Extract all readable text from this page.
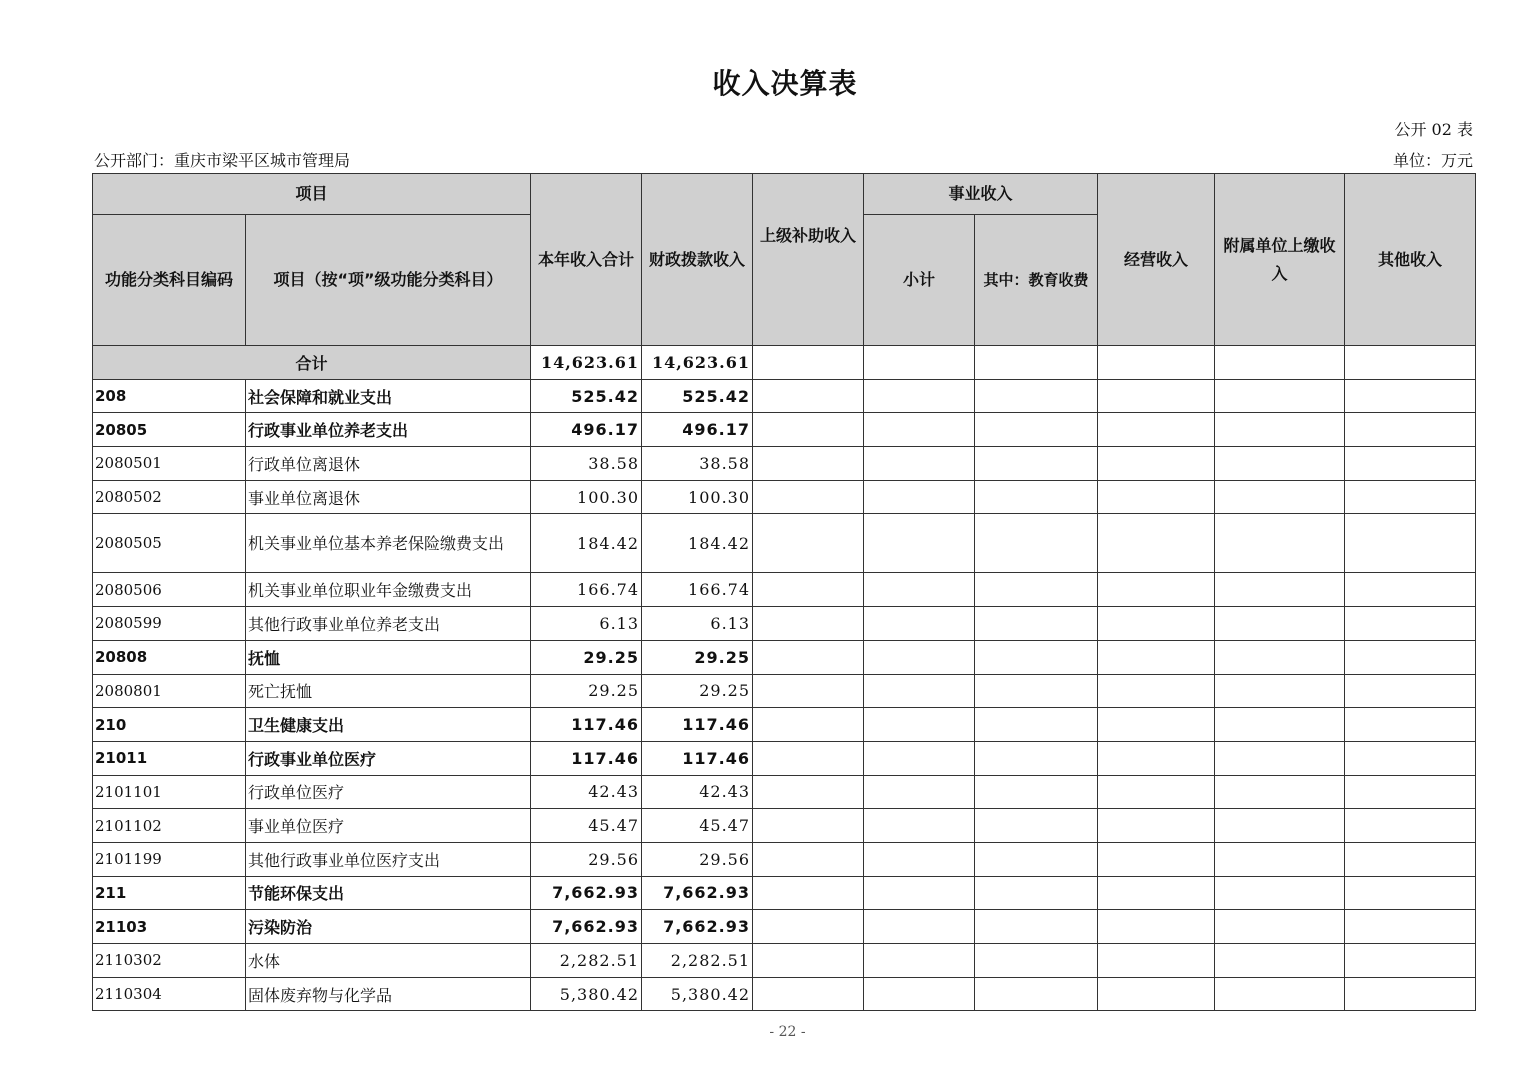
收入决算表
公开 02 表
公开部门：重庆市梁平区城市管理局	单位：万元
项目		本年收入合计	财政拨款收入	上级补助收入	事业收入		经营收入	附属单位上缴收入	其他收入
功能分类科目编码	项目（按“项”级功能分类科目）				小计	其中：教育收费			
合计		14,623.61	14,623.61						
208	社会保障和就业支出	525.42	525.42						
20805	行政事业单位养老支出	496.17	496.17						
2080501	行政单位离退休	38.58	38.58						
2080502	事业单位离退休	100.30	100.30						
2080505	机关事业单位基本养老保险缴费支出	184.42	184.42						
2080506	机关事业单位职业年金缴费支出	166.74	166.74						
2080599	其他行政事业单位养老支出	6.13	6.13						
20808	抚恤	29.25	29.25						
2080801	死亡抚恤	29.25	29.25						
210	卫生健康支出	117.46	117.46						
21011	行政事业单位医疗	117.46	117.46						
2101101	行政单位医疗	42.43	42.43						
2101102	事业单位医疗	45.47	45.47						
2101199	其他行政事业单位医疗支出	29.56	29.56						
211	节能环保支出	7,662.93	7,662.93						
21103	污染防治	7,662.93	7,662.93						
2110302	水体	2,282.51	2,282.51						
2110304	固体废弃物与化学品	5,380.42	5,380.42						
- 22 -
